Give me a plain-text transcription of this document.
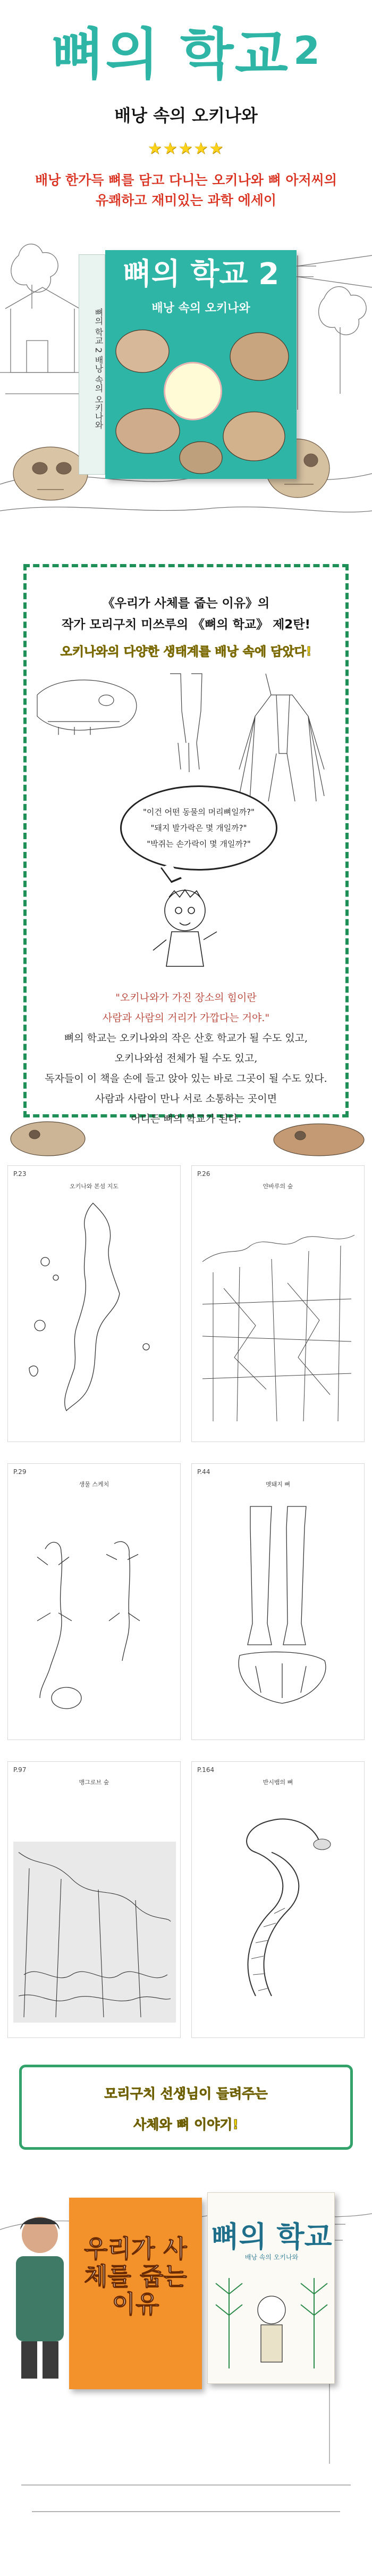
뼈의 학교 2
배낭 속의 오키나와
★★★★★
배낭 한가득 뼈를 담고 다니는 오키나와 뼈 아저씨의
유쾌하고 재미있는 과학 에세이
뼈의 학교 2 배낭 속의 오키나와
뼈의 학교 2
배낭 속의 오키나와
《우리가 사체를 줍는 이유》의
작가 모리구치 미쓰루의 《뼈의 학교》 제2탄!
오키나와의 다양한 생태계를 배낭 속에 담았다!
"이건 어떤 동물의 머리뼈일까?"
"돼지 발가락은 몇 개일까?"
"박쥐는 손가락이 몇 개일까?"
"오키나와가 가진 장소의 힘이란
사람과 사람의 거리가 가깝다는 거야."
뼈의 학교는 오키나와의 작은 산호 학교가 될 수도 있고,
오키나와섬 전체가 될 수도 있고,
독자들이 이 책을 손에 들고 앉아 있는 바로 그곳이 될 수도 있다.
사람과 사람이 만나 서로 소통하는 곳이면
어디든 뼈의 학교가 된다.
P.23
오키나와 본섬 지도
P.26
얀바루의 숲
P.29
생물 스케치
P.44
멧돼지 뼈
P.97
맹그로브 숲
P.164
반시뱀의 뼈
모리구치 선생님이 들려주는
사체와 뼈 이야기!
우리가 사체를 줍는 이유
뼈의 학교
배낭 속의 오키나와
